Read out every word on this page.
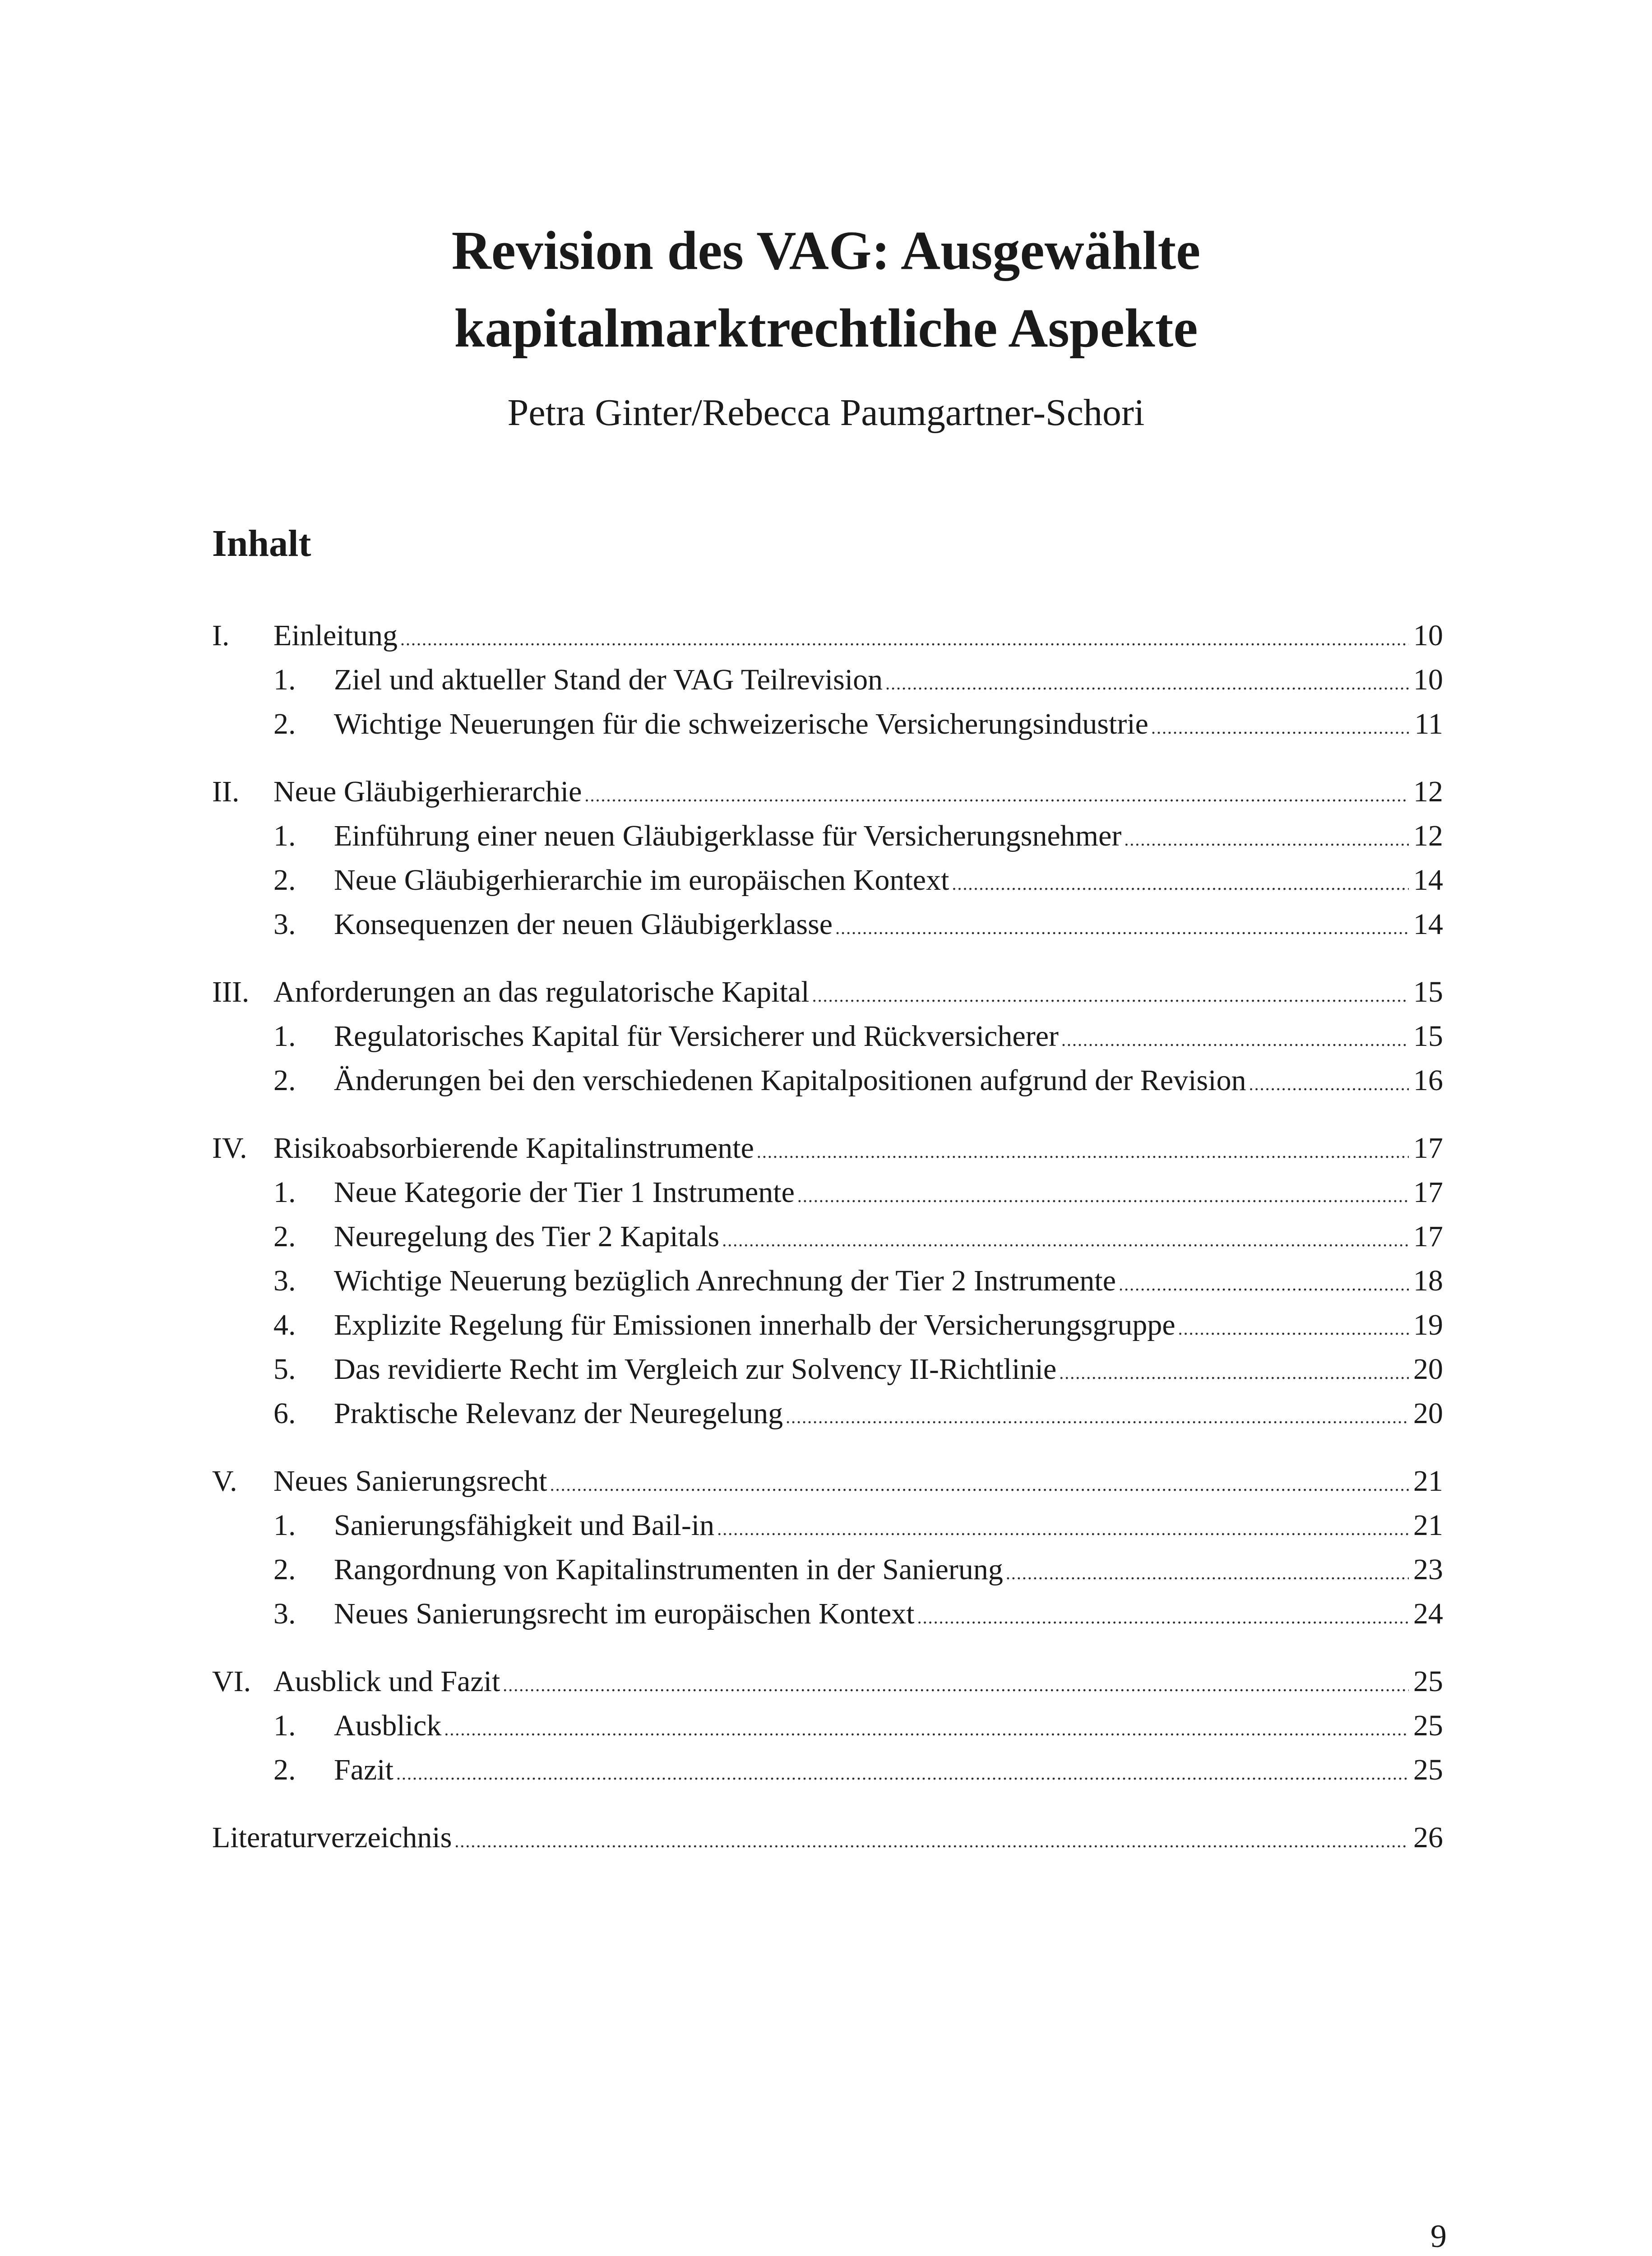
Revision des VAG: Ausgewählte
kapitalmarktrechtliche Aspekte
Petra Ginter/Rebecca Paumgartner-Schori
Inhalt
I.	Einleitung .....	10
1.	Ziel und aktueller Stand der VAG Teilrevision .....	10
2.	Wichtige Neuerungen für die schweizerische Versicherungsindustrie .....	11
II.	Neue Gläubigerhierarchie .....	12
1.	Einführung einer neuen Gläubigerklasse für Versicherungsnehmer .....	12
2.	Neue Gläubigerhierarchie im europäischen Kontext .....	14
3.	Konsequenzen der neuen Gläubigerklasse .....	14
III. Anforderungen an das regulatorische Kapital .....	15
1.	Regulatorisches Kapital für Versicherer und Rückversicherer .....	15
2.	Änderungen bei den verschiedenen Kapitalpositionen aufgrund der Revision .....	16
IV. Risikoabsorbierende Kapitalinstrumente .....	17
1.	Neue Kategorie der Tier 1 Instrumente .....	17
2.	Neuregelung des Tier 2 Kapitals .....	17
3.	Wichtige Neuerung bezüglich Anrechnung der Tier 2 Instrumente .....	18
4.	Explizite Regelung für Emissionen innerhalb der Versicherungsgruppe .....	19
5.	Das revidierte Recht im Vergleich zur Solvency II-Richtlinie .....	20
6.	Praktische Relevanz der Neuregelung .....	20
V.	Neues Sanierungsrecht .....	21
1.	Sanierungsfähigkeit und Bail-in .....	21
2.	Rangordnung von Kapitalinstrumenten in der Sanierung .....	23
3.	Neues Sanierungsrecht im europäischen Kontext .....	24
VI. Ausblick und Fazit .....	25
1.	Ausblick .....	25
2.	Fazit .....	25
Literaturverzeichnis .....	26
9
